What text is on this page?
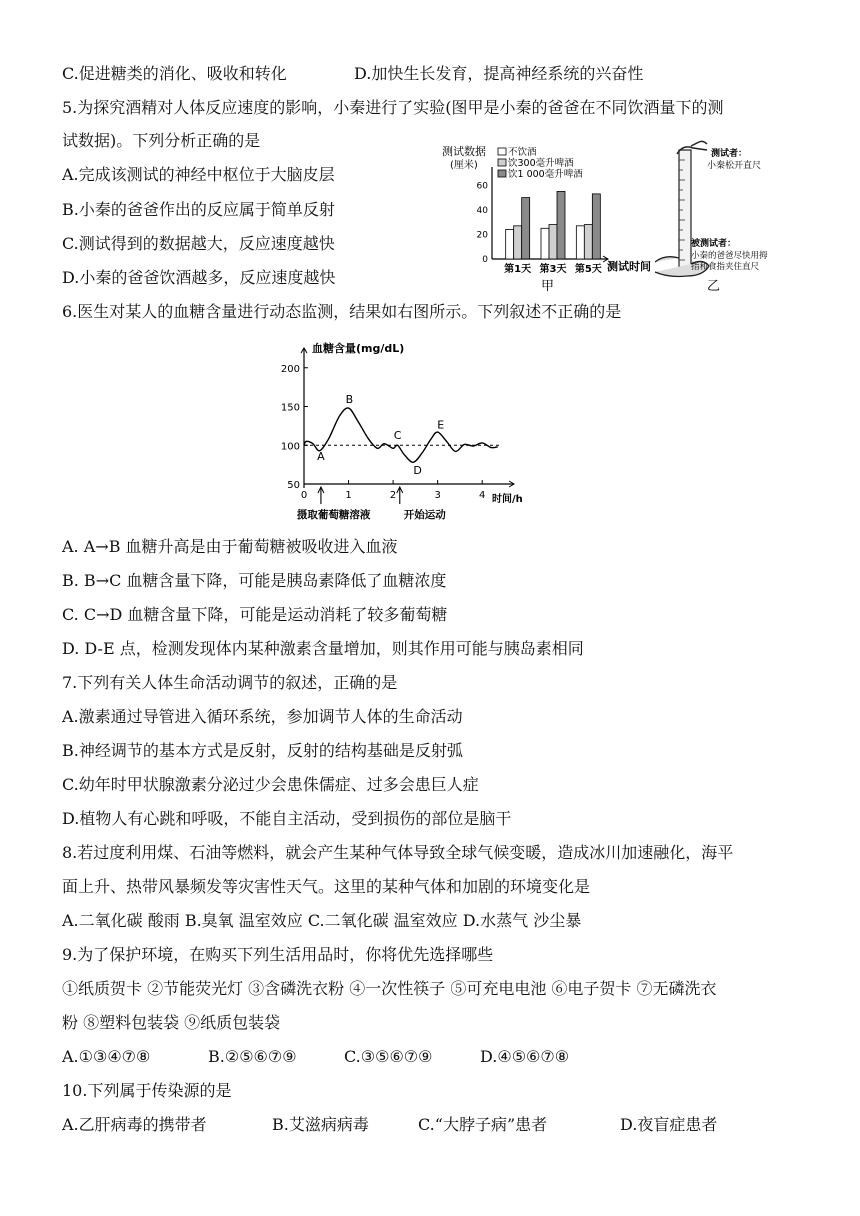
C.促进糖类的消化、吸收和转化	D.加快生长发育，提高神经系统的兴奋性
5.为探究酒精对人体反应速度的影响，小秦进行了实验(图甲是小秦的爸爸在不同饮酒量下的测
试数据)。下列分析正确的是
A.完成该测试的神经中枢位于大脑皮层
B.小秦的爸爸作出的反应属于简单反射
C.测试得到的数据越大，反应速度越快
D.小秦的爸爸饮酒越多，反应速度越快
0
20
40
60
第1天 第3天 第5天
测试数据
(厘米)
测试时间
甲
不饮酒
饮300毫升啤酒
饮1 000毫升啤酒
测试者：
小秦松开直尺
被测试者：
小秦的爸爸尽快用拇
指和食指夹住直尺
乙
6.医生对某人的血糖含量进行动态监测，结果如右图所示。下列叙述不正确的是
50
100
150
200
0	1	2	3	4
A
B
C
D
E
摄取葡萄糖溶液	开始运动
血糖含量(mg/dL)
时间/h
A. A→B 血糖升高是由于葡萄糖被吸收进入血液
B. B→C 血糖含量下降，可能是胰岛素降低了血糖浓度
C. C→D 血糖含量下降，可能是运动消耗了较多葡萄糖
D. D-E 点，检测发现体内某种激素含量增加，则其作用可能与胰岛素相同
7.下列有关人体生命活动调节的叙述，正确的是
A.激素通过导管进入循环系统，参加调节人体的生命活动
B.神经调节的基本方式是反射，反射的结构基础是反射弧
C.幼年时甲状腺激素分泌过少会患侏儒症、过多会患巨人症
D.植物人有心跳和呼吸，不能自主活动，受到损伤的部位是脑干
8.若过度利用煤、石油等燃料，就会产生某种气体导致全球气候变暖，造成冰川加速融化，海平
面上升、热带风暴频发等灾害性天气。这里的某种气体和加剧的环境变化是
A.二氧化碳 酸雨 B.臭氧 温室效应 C.二氧化碳 温室效应 D.水蒸气 沙尘暴
9.为了保护环境，在购买下列生活用品时，你将优先选择哪些
①纸质贺卡 ②节能荧光灯 ③含磷洗衣粉 ④一次性筷子 ⑤可充电电池 ⑥电子贺卡 ⑦无磷洗衣
粉 ⑧塑料包装袋 ⑨纸质包装袋
A.①③④⑦⑧	B.②⑤⑥⑦⑨	C.③⑤⑥⑦⑨	D.④⑤⑥⑦⑧
10.下列属于传染源的是
A.乙肝病毒的携带者	B.艾滋病病毒	C.“大脖子病”患者	D.夜盲症患者
